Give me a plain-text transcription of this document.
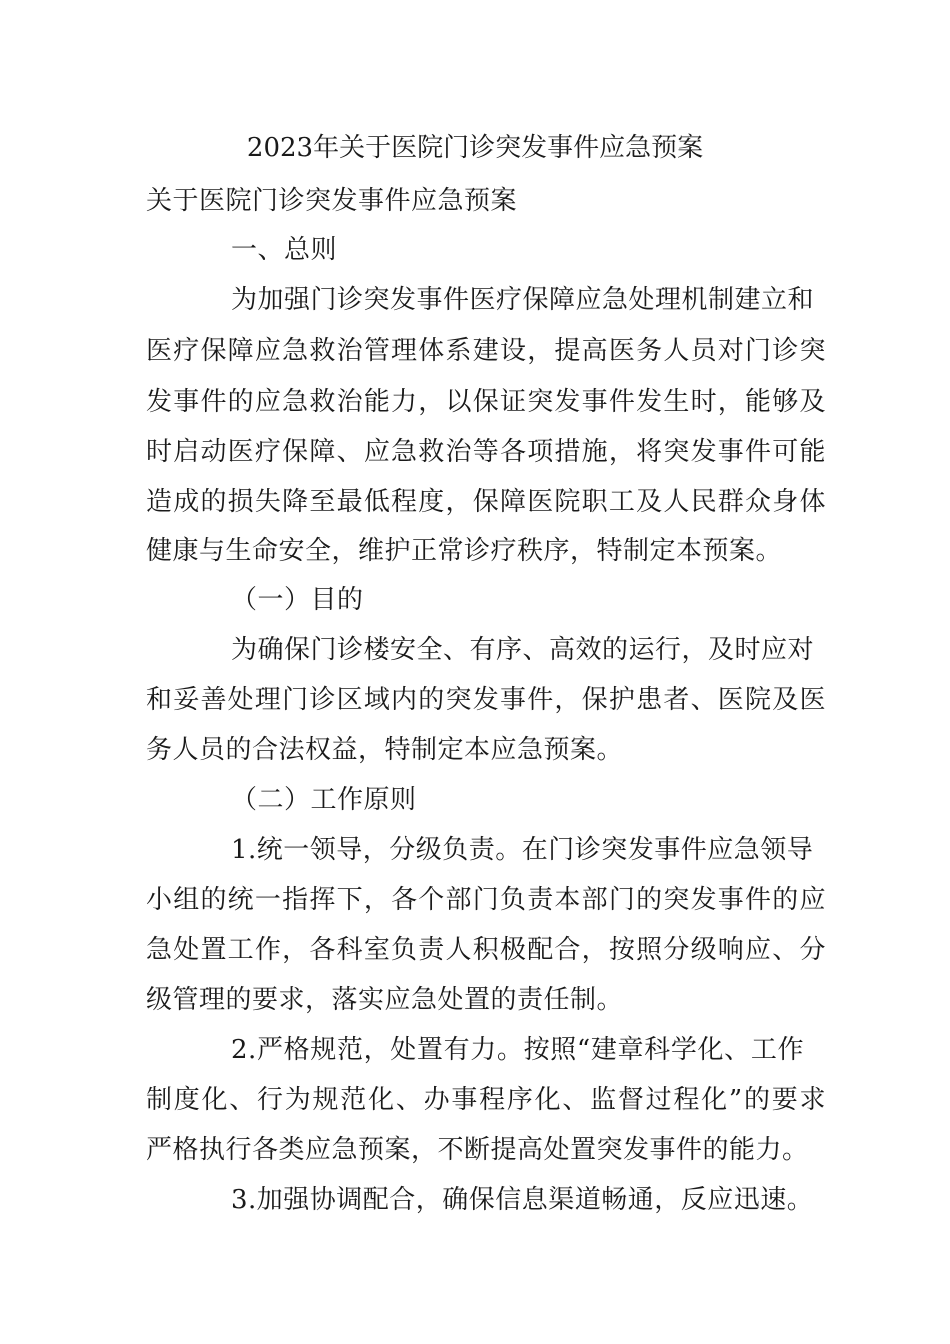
2023年关于医院门诊突发事件应急预案
关于医院门诊突发事件应急预案
一、总则
为加强门诊突发事件医疗保障应急处理机制建立和
医疗保障应急救治管理体系建设，提高医务人员对门诊突
发事件的应急救治能力，以保证突发事件发生时，能够及
时启动医疗保障、应急救治等各项措施，将突发事件可能
造成的损失降至最低程度，保障医院职工及人民群众身体
健康与生命安全，维护正常诊疗秩序，特制定本预案。
（一）目的
为确保门诊楼安全、有序、高效的运行，及时应对
和妥善处理门诊区域内的突发事件，保护患者、医院及医
务人员的合法权益，特制定本应急预案。
（二）工作原则
1.统一领导，分级负责。在门诊突发事件应急领导
小组的统一指挥下，各个部门负责本部门的突发事件的应
急处置工作，各科室负责人积极配合，按照分级响应、分
级管理的要求，落实应急处置的责任制。
2.严格规范，处置有力。按照“建章科学化、工作
制度化、行为规范化、办事程序化、监督过程化”的要求
严格执行各类应急预案，不断提高处置突发事件的能力。
3.加强协调配合，确保信息渠道畅通，反应迅速。
